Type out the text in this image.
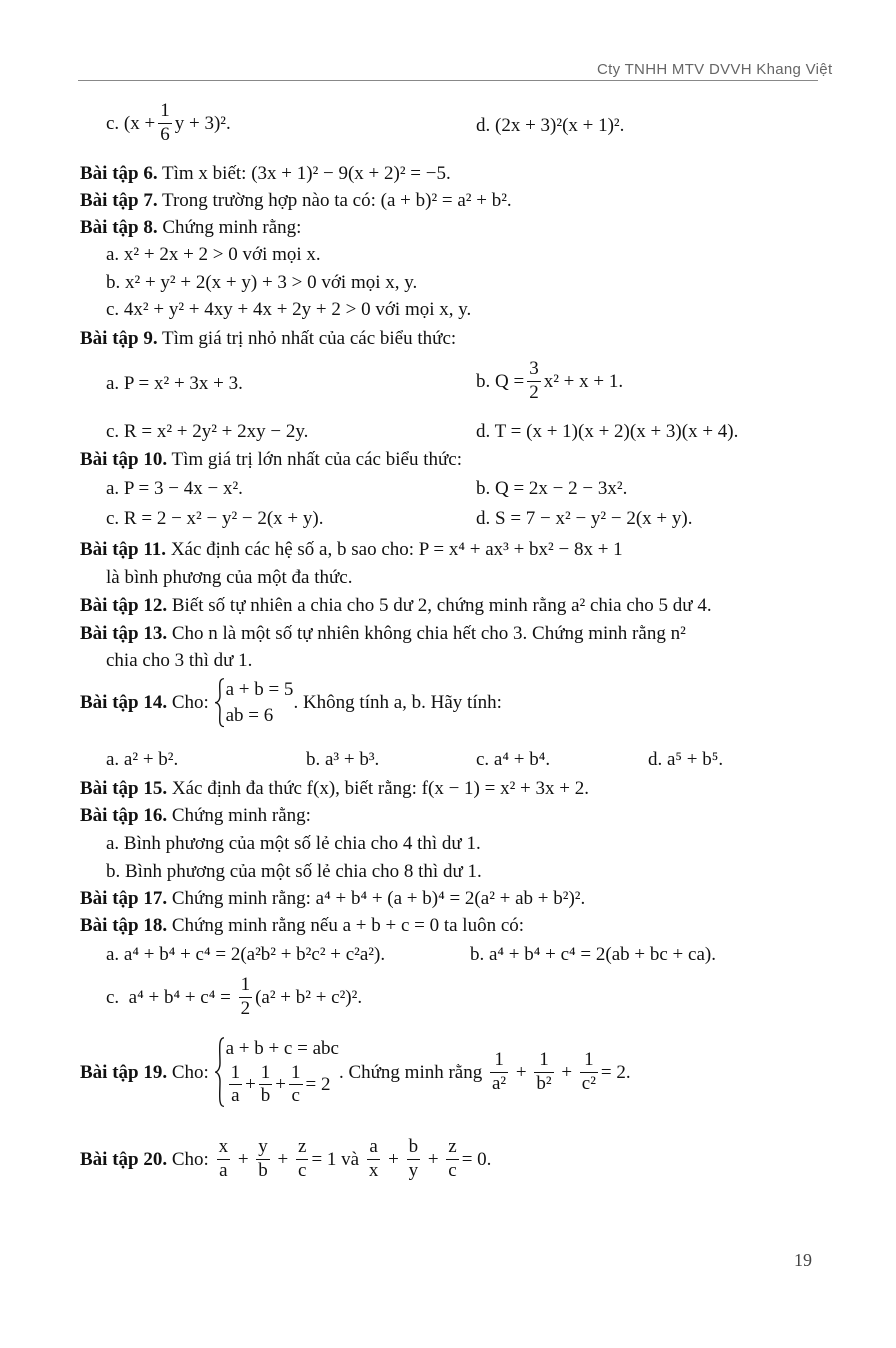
Cty TNHH MTV DVVH Khang Việt
c. ($x + \frac{1}{6}$ y + 3)².	d. (2x + 3)²(x + 1)².
Bài tập 6. Tìm x biết: (3x + 1)² − 9(x + 2)² = −5.
Bài tập 7. Trong trường hợp nào ta có: (a + b)² = a² + b².
Bài tập 8. Chứng minh rằng:
a. x² + 2x + 2 > 0 với mọi x.
b. x² + y² + 2(x + y) + 3 > 0 với mọi x, y.
c. 4x² + y² + 4xy + 4x + 2y + 2 > 0 với mọi x, y.
Bài tập 9. Tìm giá trị nhỏ nhất của các biểu thức:
a. P = x² + 3x + 3.	b. $Q = \frac{3}{2} x^2 + x + 1$.
c. R = x² + 2y² + 2xy − 2y.	d. T = (x + 1)(x + 2)(x + 3)(x + 4).
Bài tập 10. Tìm giá trị lớn nhất của các biểu thức:
a. P = 3 − 4x − x².	b. Q = 2x − 2 − 3x².
c. R = 2 − x² − y² − 2(x + y).	d. S = 7 − x² − y² − 2(x + y).
Bài tập 11. Xác định các hệ số a, b sao cho: P = x⁴ + ax³ + bx² − 8x + 1
là bình phương của một đa thức.
Bài tập 12. Biết số tự nhiên a chia cho 5 dư 2, chứng minh rằng a² chia cho 5 dư 4.
Bài tập 13. Cho n là một số tự nhiên không chia hết cho 3. Chứng minh rằng n²
chia cho 3 thì dư 1.
Bài tập 14. Cho:
a + b = 5
ab = 6
. Không tính a, b. Hãy tính:
a. a² + b².	b. a³ + b³.	c. a⁴ + b⁴.	d. a⁵ + b⁵.
Bài tập 15. Xác định đa thức f(x), biết rằng: f(x − 1) = x² + 3x + 2.
Bài tập 16. Chứng minh rằng:
a. Bình phương của một số lẻ chia cho 4 thì dư 1.
b. Bình phương của một số lẻ chia cho 8 thì dư 1.
Bài tập 17. Chứng minh rằng: a⁴ + b⁴ + (a + b)⁴ = 2(a² + ab + b²)².
Bài tập 18. Chứng minh rằng nếu a + b + c = 0 ta luôn có:
a. a⁴ + b⁴ + c⁴ = 2(a²b² + b²c² + c²a²).	b. a⁴ + b⁴ + c⁴ = 2(ab + bc + ca).
c.  $a^4 + b^4 + c^4 = \frac{1}{2} (a^2 + b^2 + c^2)^2$.
Bài tập 19. Cho:
a + b + c = abc
$\frac{1}{a} + \frac{1}{b} + \frac{1}{c} = 2$
. Chứng minh rằng $\frac{1}{\text{a²}} + \frac{1}{\text{b²}} + \frac{1}{\text{c²}} = 2$.
Bài tập 20. Cho: $\frac{x}{a} + \frac{y}{b} + \frac{z}{c} = 1$ và $\frac{a}{x} + \frac{b}{y} + \frac{z}{c} = 0$.
19
